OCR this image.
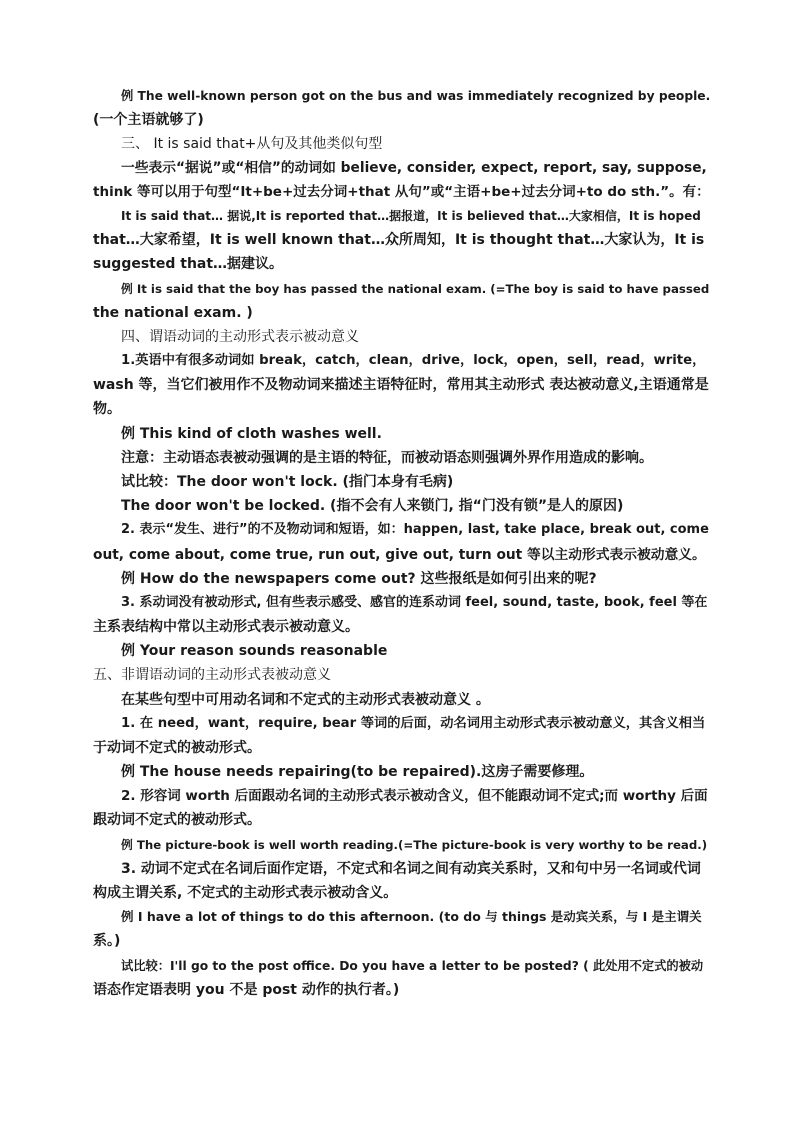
例 The well-known person got on the bus and was immediately recognized by people.
(一个主语就够了)
三、 It is said that+从句及其他类似句型
一些表示“据说”或“相信”的动词如 believe, consider, expect, report, say, suppose,
think 等可以用于句型“It+be+过去分词+that 从句”或“主语+be+过去分词+to do sth.”。有：
It is said that… 据说,It is reported that…据报道，It is believed that…大家相信，It is hoped
that…大家希望，It is well known that…众所周知，It is thought that…大家认为，It is
suggested that…据建议。
例 It is said that the boy has passed the national exam. (=The boy is said to have passed
the national exam. )
四、谓语动词的主动形式表示被动意义
1.英语中有很多动词如 break，catch，clean，drive，lock，open，sell，read，write，
wash 等，当它们被用作不及物动词来描述主语特征时，常用其主动形式 表达被动意义,主语通常是
物。
例 This kind of cloth washes well.
注意：主动语态表被动强调的是主语的特征，而被动语态则强调外界作用造成的影响。
试比较：The door won't lock. (指门本身有毛病)
The door won't be locked. (指不会有人来锁门, 指“门没有锁”是人的原因)
2. 表示“发生、进行”的不及物动词和短语，如：happen, last, take place, break out, come
out, come about, come true, run out, give out, turn out 等以主动形式表示被动意义。
例 How do the newspapers come out? 这些报纸是如何引出来的呢?
3. 系动词没有被动形式, 但有些表示感受、感官的连系动词 feel, sound, taste, book, feel 等在
主系表结构中常以主动形式表示被动意义。
例 Your reason sounds reasonable
五、非谓语动词的主动形式表被动意义
在某些句型中可用动名词和不定式的主动形式表被动意义 。
1. 在 need，want，require, bear 等词的后面，动名词用主动形式表示被动意义，其含义相当
于动词不定式的被动形式。
例 The house needs repairing(to be repaired).这房子需要修理。
2. 形容词 worth 后面跟动名词的主动形式表示被动含义，但不能跟动词不定式;而 worthy 后面
跟动词不定式的被动形式。
例 The picture-book is well worth reading.(=The picture-book is very worthy to be read.)
3. 动词不定式在名词后面作定语，不定式和名词之间有动宾关系时，又和句中另一名词或代词
构成主谓关系, 不定式的主动形式表示被动含义。
例 I have a lot of things to do this afternoon. (to do 与 things 是动宾关系，与 I 是主谓关
系。)
试比较：I'll go to the post office. Do you have a letter to be posted? ( 此处用不定式的被动
语态作定语表明 you 不是 post 动作的执行者。)
